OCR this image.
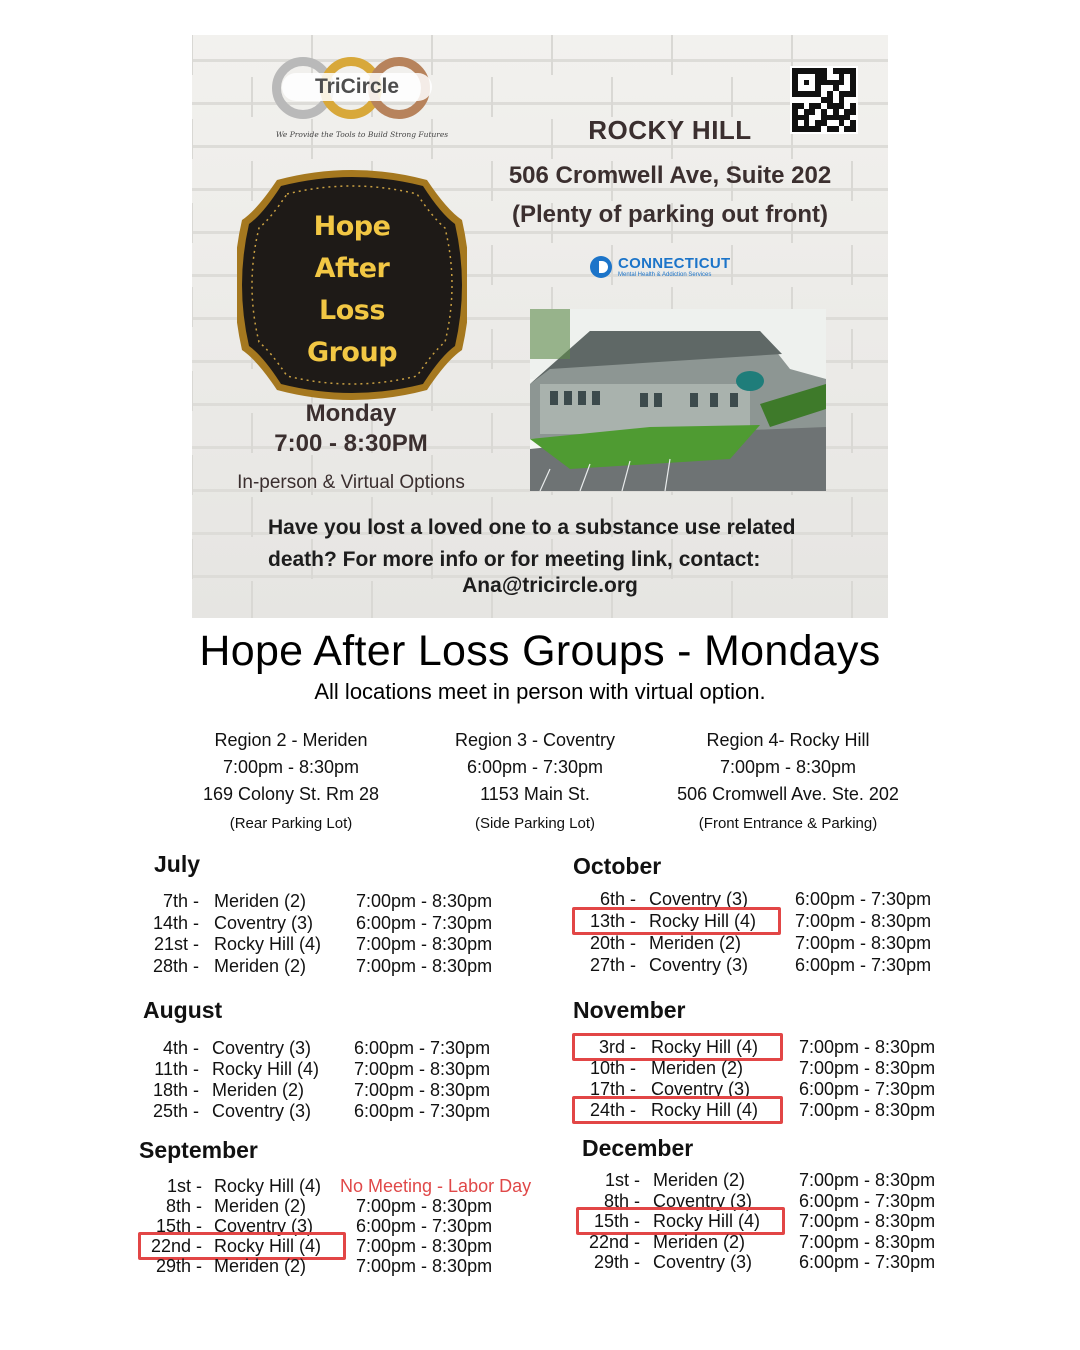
TriCircle
We Provide the Tools to Build Strong Futures	ROCKY HILL
506 Cromwell Ave, Suite 202
(Plenty of parking out front)
Hope
After
Loss
Group
CONNECTICUT
Mental Health & Addiction Services
Monday
7:00 - 8:30PM
In-person & Virtual Options
Have you lost a loved one to a substance use related
death? For more info or for meeting link, contact:
Ana@tricircle.org
Hope After Loss Groups - Mondays
All locations meet in person with virtual option.
Region 2 - Meriden
7:00pm - 8:30pm
169 Colony St. Rm 28
(Rear Parking Lot)
Region 3 - Coventry
6:00pm - 7:30pm
1153 Main St.
(Side Parking Lot)
Region 4- Rocky Hill
7:00pm - 8:30pm
506 Cromwell Ave. Ste. 202
(Front Entrance & Parking)
July
7th - Meriden (2)	7:00pm - 8:30pm
14th - Coventry (3) 6:00pm - 7:30pm
21st - Rocky Hill (4) 7:00pm - 8:30pm
28th - Meriden (2)	7:00pm - 8:30pm
August
4th - Coventry (3) 6:00pm - 7:30pm
11th - Rocky Hill (4) 7:00pm - 8:30pm
18th - Meriden (2)	7:00pm - 8:30pm
25th - Coventry (3) 6:00pm - 7:30pm
September
1st - Rocky Hill (4) No Meeting - Labor Day
8th - Meriden (2)	7:00pm - 8:30pm
15th - Coventry (3) 6:00pm - 7:30pm
22nd - Rocky Hill (4) 7:00pm - 8:30pm
29th - Meriden (2)	7:00pm - 8:30pm
October
6th - Coventry (3)	6:00pm - 7:30pm
13th - Rocky Hill (4) 7:00pm - 8:30pm
20th - Meriden (2)	7:00pm - 8:30pm
27th - Coventry (3)	6:00pm - 7:30pm
November
3rd - Rocky Hill (4) 7:00pm - 8:30pm
10th - Meriden (2)	7:00pm - 8:30pm
17th - Coventry (3)	6:00pm - 7:30pm
24th - Rocky Hill (4) 7:00pm - 8:30pm
December
1st - Meriden (2)	7:00pm - 8:30pm
8th - Coventry (3)	6:00pm - 7:30pm
15th - Rocky Hill (4) 7:00pm - 8:30pm
22nd - Meriden (2)	7:00pm - 8:30pm
29th - Coventry (3)	6:00pm - 7:30pm
